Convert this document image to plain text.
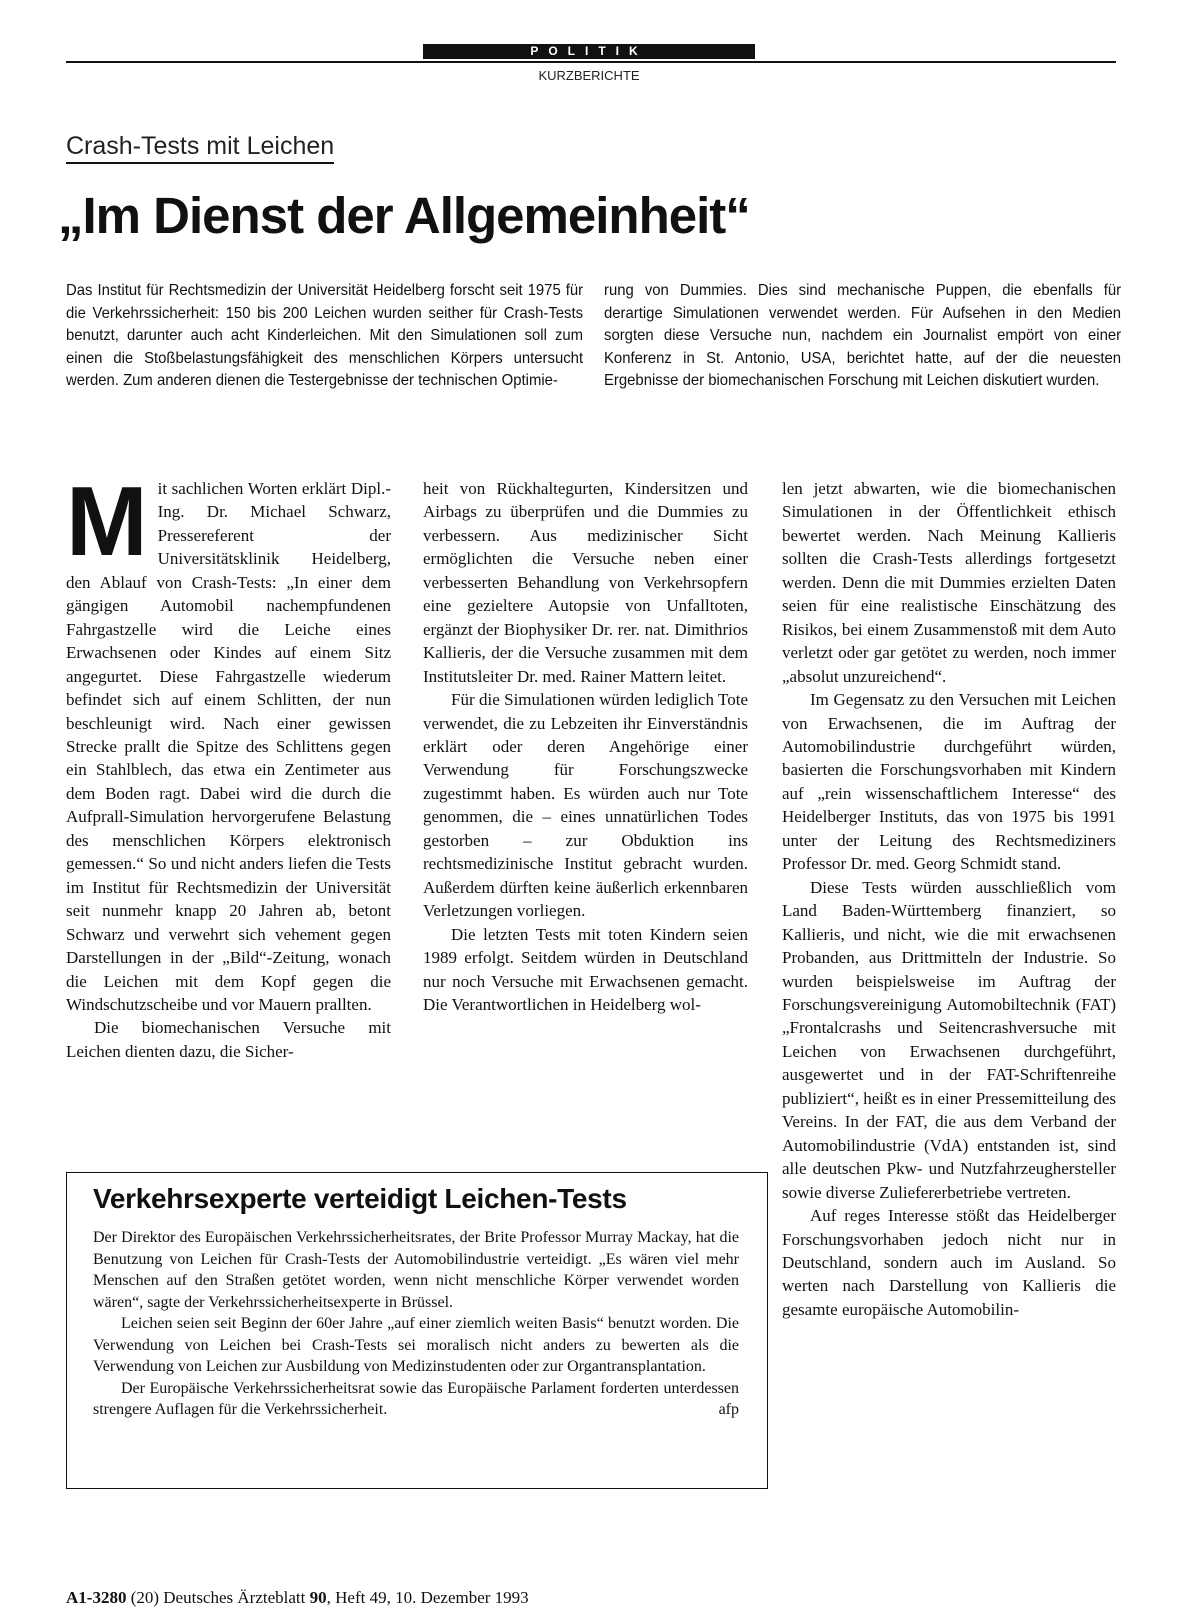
POLITIK
KURZBERICHTE
Crash-Tests mit Leichen
„Im Dienst der Allgemeinheit“
Das Institut für Rechtsmedizin der Universität Heidelberg forscht seit 1975 für die Verkehrssicherheit: 150 bis 200 Leichen wurden seither für Crash-Tests benutzt, darunter auch acht Kinderleichen. Mit den Simulationen soll zum einen die Stoßbelastungsfähigkeit des menschlichen Körpers untersucht werden. Zum anderen dienen die Testergebnisse der technischen Optimie-
rung von Dummies. Dies sind mechanische Puppen, die ebenfalls für derartige Simulationen verwendet werden. Für Aufsehen in den Medien sorgten diese Versuche nun, nachdem ein Journalist empört von einer Konferenz in St. Antonio, USA, berichtet hatte, auf der die neuesten Ergebnisse der biomechanischen Forschung mit Leichen diskutiert wurden.

Mit sachlichen Worten erklärt Dipl.-Ing. Dr. Michael Schwarz, Pressereferent der Universitätsklinik Heidelberg, den Ablauf von Crash-Tests: „In einer dem gängigen Automobil nachempfundenen Fahrgastzelle wird die Leiche eines Erwachsenen oder Kindes auf einem Sitz angegurtet. Diese Fahrgastzelle wiederum befindet sich auf einem Schlitten, der nun beschleunigt wird. Nach einer gewissen Strecke prallt die Spitze des Schlittens gegen ein Stahlblech, das etwa ein Zentimeter aus dem Boden ragt. Dabei wird die durch die Aufprall-Simulation hervorgerufene Belastung des menschlichen Körpers elektronisch gemessen.“ So und nicht anders liefen die Tests im Institut für Rechtsmedizin der Universität seit nunmehr knapp 20 Jahren ab, betont Schwarz und verwehrt sich vehement gegen Darstellungen in der „Bild“-Zeitung, wonach die Leichen mit dem Kopf gegen die Windschutzscheibe und vor Mauern prallten.

Die biomechanischen Versuche mit Leichen dienten dazu, die Sicher-

heit von Rückhaltegurten, Kindersitzen und Airbags zu überprüfen und die Dummies zu verbessern. Aus medizinischer Sicht ermöglichten die Versuche neben einer verbesserten Behandlung von Verkehrsopfern eine gezieltere Autopsie von Unfalltoten, ergänzt der Biophysiker Dr. rer. nat. Dimithrios Kallieris, der die Versuche zusammen mit dem Institutsleiter Dr. med. Rainer Mattern leitet.

Für die Simulationen würden lediglich Tote verwendet, die zu Lebzeiten ihr Einverständnis erklärt oder deren Angehörige einer Verwendung für Forschungszwecke zugestimmt haben. Es würden auch nur Tote genommen, die – eines unnatürlichen Todes gestorben – zur Obduktion ins rechtsmedizinische Institut gebracht wurden. Außerdem dürften keine äußerlich erkennbaren Verletzungen vorliegen.

Die letzten Tests mit toten Kindern seien 1989 erfolgt. Seitdem würden in Deutschland nur noch Versuche mit Erwachsenen gemacht. Die Verantwortlichen in Heidelberg wol-

len jetzt abwarten, wie die biomechanischen Simulationen in der Öffentlichkeit ethisch bewertet werden. Nach Meinung Kallieris sollten die Crash-Tests allerdings fortgesetzt werden. Denn die mit Dummies erzielten Daten seien für eine realistische Einschätzung des Risikos, bei einem Zusammenstoß mit dem Auto verletzt oder gar getötet zu werden, noch immer „absolut unzureichend“.

Im Gegensatz zu den Versuchen mit Leichen von Erwachsenen, die im Auftrag der Automobilindustrie durchgeführt würden, basierten die Forschungsvorhaben mit Kindern auf „rein wissenschaftlichem Interesse“ des Heidelberger Instituts, das von 1975 bis 1991 unter der Leitung des Rechtsmediziners Professor Dr. med. Georg Schmidt stand.

Diese Tests würden ausschließlich vom Land Baden-Württemberg finanziert, so Kallieris, und nicht, wie die mit erwachsenen Probanden, aus Drittmitteln der Industrie. So wurden beispielsweise im Auftrag der Forschungsvereinigung Automobiltechnik (FAT) „Frontalcrashs und Seitencrashversuche mit Leichen von Erwachsenen durchgeführt, ausgewertet und in der FAT-Schriftenreihe publiziert“, heißt es in einer Pressemitteilung des Vereins. In der FAT, die aus dem Verband der Automobilindustrie (VdA) entstanden ist, sind alle deutschen Pkw- und Nutzfahrzeughersteller sowie diverse Zuliefererbetriebe vertreten.

Auf reges Interesse stößt das Heidelberger Forschungsvorhaben jedoch nicht nur in Deutschland, sondern auch im Ausland. So werten nach Darstellung von Kallieris die gesamte europäische Automobilin-

Verkehrsexperte verteidigt Leichen-Tests

Der Direktor des Europäischen Verkehrssicherheitsrates, der Brite Professor Murray Mackay, hat die Benutzung von Leichen für Crash-Tests der Automobilindustrie verteidigt. „Es wären viel mehr Menschen auf den Straßen getötet worden, wenn nicht menschliche Körper verwendet worden wären“, sagte der Verkehrssicherheitsexperte in Brüssel.

Leichen seien seit Beginn der 60er Jahre „auf einer ziemlich weiten Basis“ benutzt worden. Die Verwendung von Leichen bei Crash-Tests sei moralisch nicht anders zu bewerten als die Verwendung von Leichen zur Ausbildung von Medizinstudenten oder zur Organtransplantation.

Der Europäische Verkehrssicherheitsrat sowie das Europäische Parlament forderten unterdessen strengere Auflagen für die Verkehrssicherheit.	afp

A1-3280 (20) Deutsches Ärzteblatt 90, Heft 49, 10. Dezember 1993
